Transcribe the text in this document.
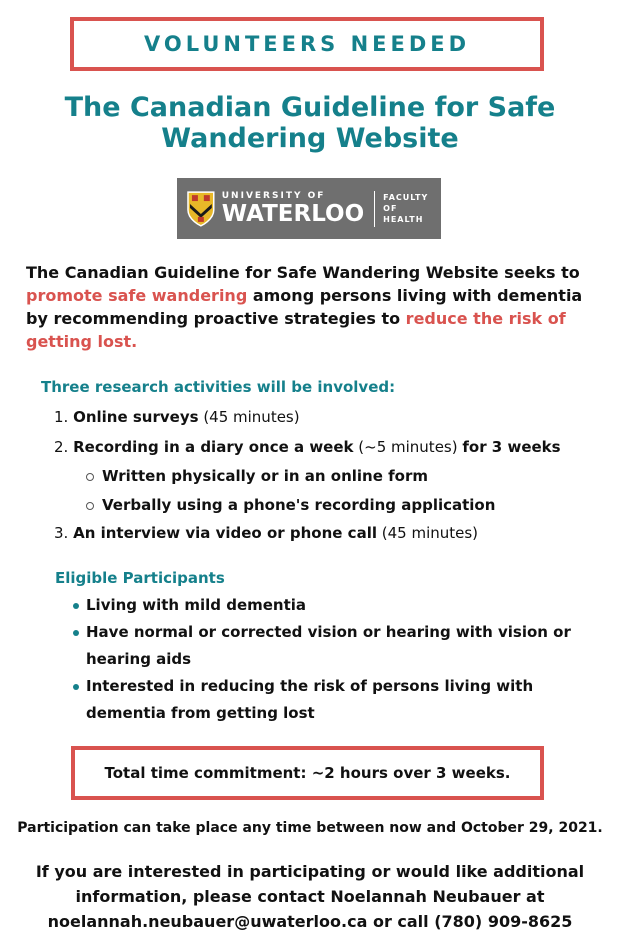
VOLUNTEERS NEEDED
The Canadian Guideline for Safe
Wandering Website
UNIVERSITY OF
WATERLOO
FACULTY
OF HEALTH
The Canadian Guideline for Safe Wandering Website seeks to promote safe wandering among persons living with dementia by recommending proactive strategies to reduce the risk of getting lost.
Three research activities will be involved:
1. Online surveys (45 minutes)
2. Recording in a diary once a week (~5 minutes) for 3 weeks
Written physically or in an online form
Verbally using a phone's recording application
3. An interview via video or phone call (45 minutes)
Eligible Participants
Living with mild dementia
Have normal or corrected vision or hearing with vision or hearing aids
Interested in reducing the risk of persons living with dementia from getting lost
Total time commitment: ~2 hours over 3 weeks.
Participation can take place any time between now and October 29, 2021.
If you are interested in participating or would like additional
information, please contact Noelannah Neubauer at
noelannah.neubauer@uwaterloo.ca or call (780) 909-8625
